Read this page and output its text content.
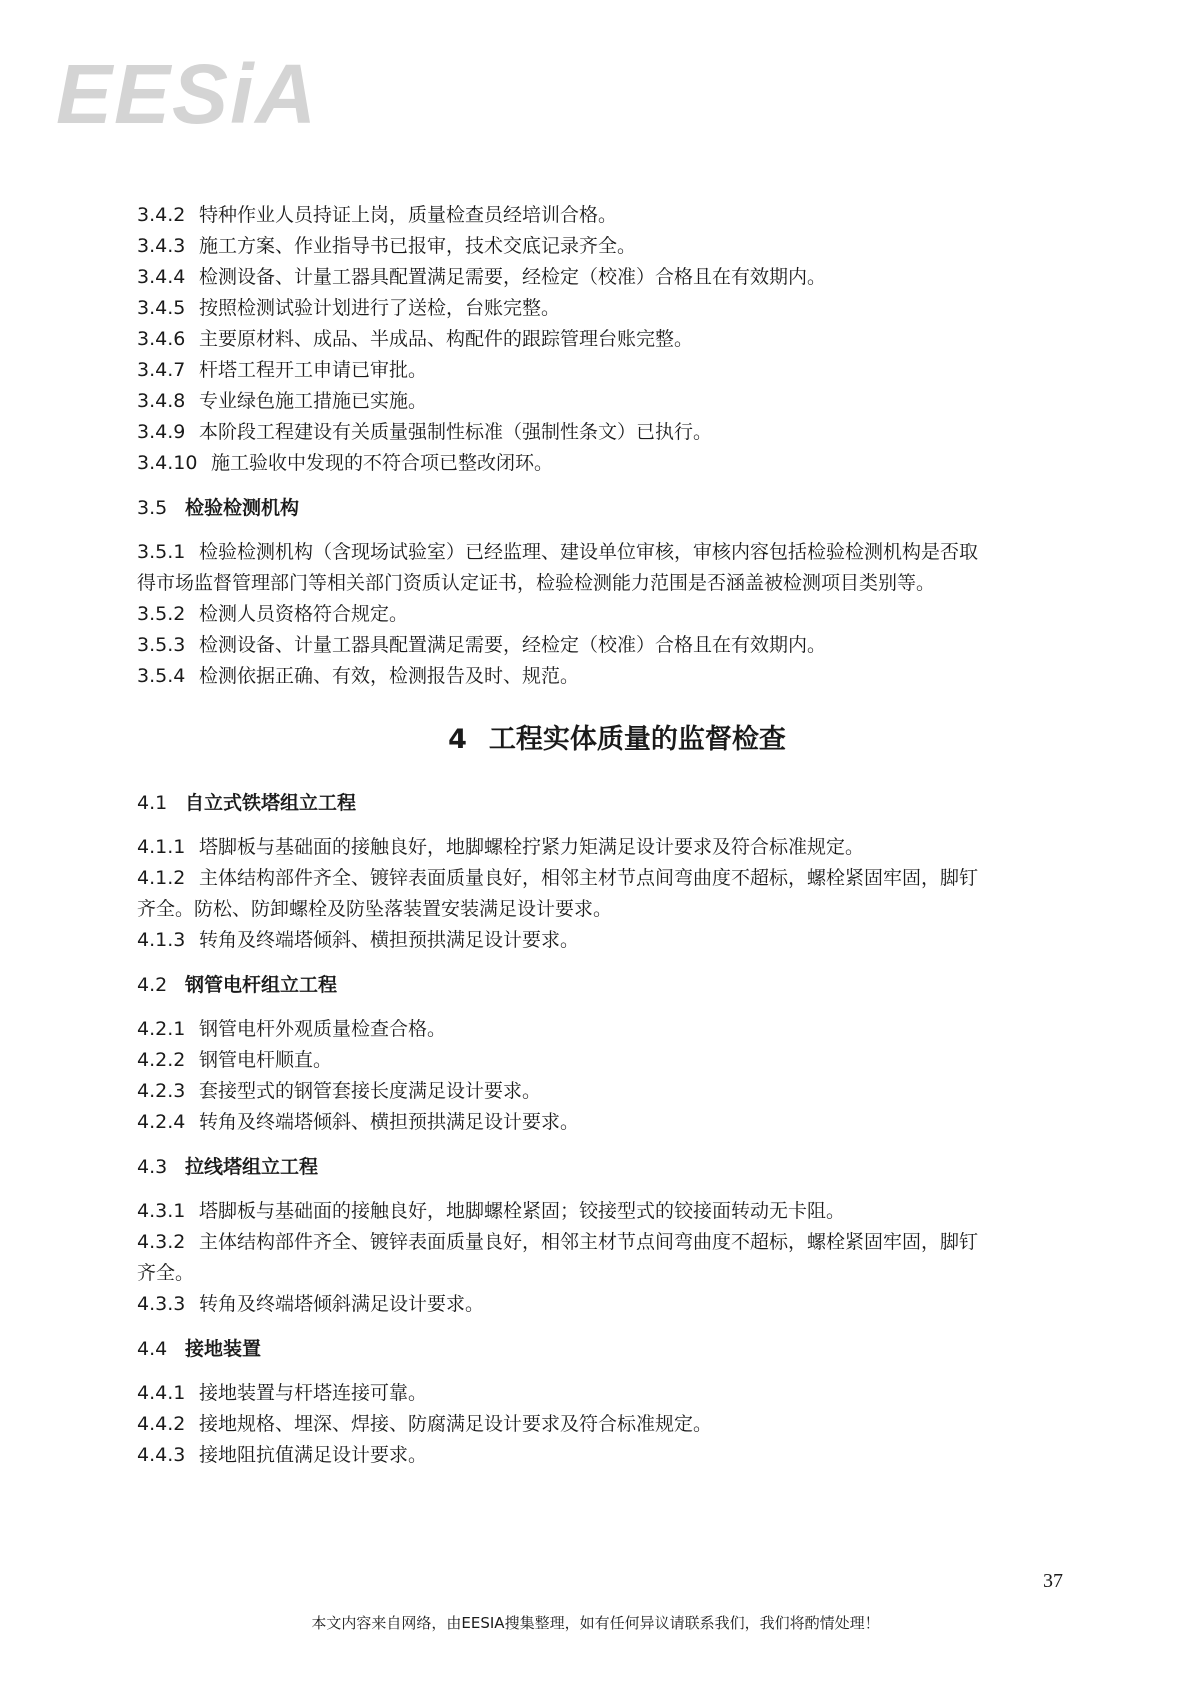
EESiA

3.4.2 特种作业人员持证上岗，质量检查员经培训合格。

3.4.3 施工方案、作业指导书已报审，技术交底记录齐全。

3.4.4 检测设备、计量工器具配置满足需要，经检定（校准）合格且在有效期内。

3.4.5 按照检测试验计划进行了送检，台账完整。

3.4.6 主要原材料、成品、半成品、构配件的跟踪管理台账完整。

3.4.7 杆塔工程开工申请已审批。

3.4.8 专业绿色施工措施已实施。

3.4.9 本阶段工程建设有关质量强制性标准（强制性条文）已执行。

3.4.10 施工验收中发现的不符合项已整改闭环。

3.5 检验检测机构

3.5.1 检验检测机构（含现场试验室）已经监理、建设单位审核，审核内容包括检验检测机构是否取

得市场监督管理部门等相关部门资质认定证书，检验检测能力范围是否涵盖被检测项目类别等。

3.5.2 检测人员资格符合规定。

3.5.3 检测设备、计量工器具配置满足需要，经检定（校准）合格且在有效期内。

3.5.4 检测依据正确、有效，检测报告及时、规范。

4 工程实体质量的监督检查

4.1 自立式铁塔组立工程

4.1.1 塔脚板与基础面的接触良好，地脚螺栓拧紧力矩满足设计要求及符合标准规定。

4.1.2 主体结构部件齐全、镀锌表面质量良好，相邻主材节点间弯曲度不超标，螺栓紧固牢固，脚钉

齐全。防松、防卸螺栓及防坠落装置安装满足设计要求。

4.1.3 转角及终端塔倾斜、横担预拱满足设计要求。

4.2 钢管电杆组立工程

4.2.1 钢管电杆外观质量检查合格。

4.2.2 钢管电杆顺直。

4.2.3 套接型式的钢管套接长度满足设计要求。

4.2.4 转角及终端塔倾斜、横担预拱满足设计要求。

4.3 拉线塔组立工程

4.3.1 塔脚板与基础面的接触良好，地脚螺栓紧固；铰接型式的铰接面转动无卡阻。

4.3.2 主体结构部件齐全、镀锌表面质量良好，相邻主材节点间弯曲度不超标，螺栓紧固牢固，脚钉

齐全。

4.3.3 转角及终端塔倾斜满足设计要求。

4.4 接地装置

4.4.1 接地装置与杆塔连接可靠。

4.4.2 接地规格、埋深、焊接、防腐满足设计要求及符合标准规定。

4.4.3 接地阻抗值满足设计要求。

37
本文内容来自网络，由EESIA搜集整理，如有任何异议请联系我们，我们将酌情处理！
